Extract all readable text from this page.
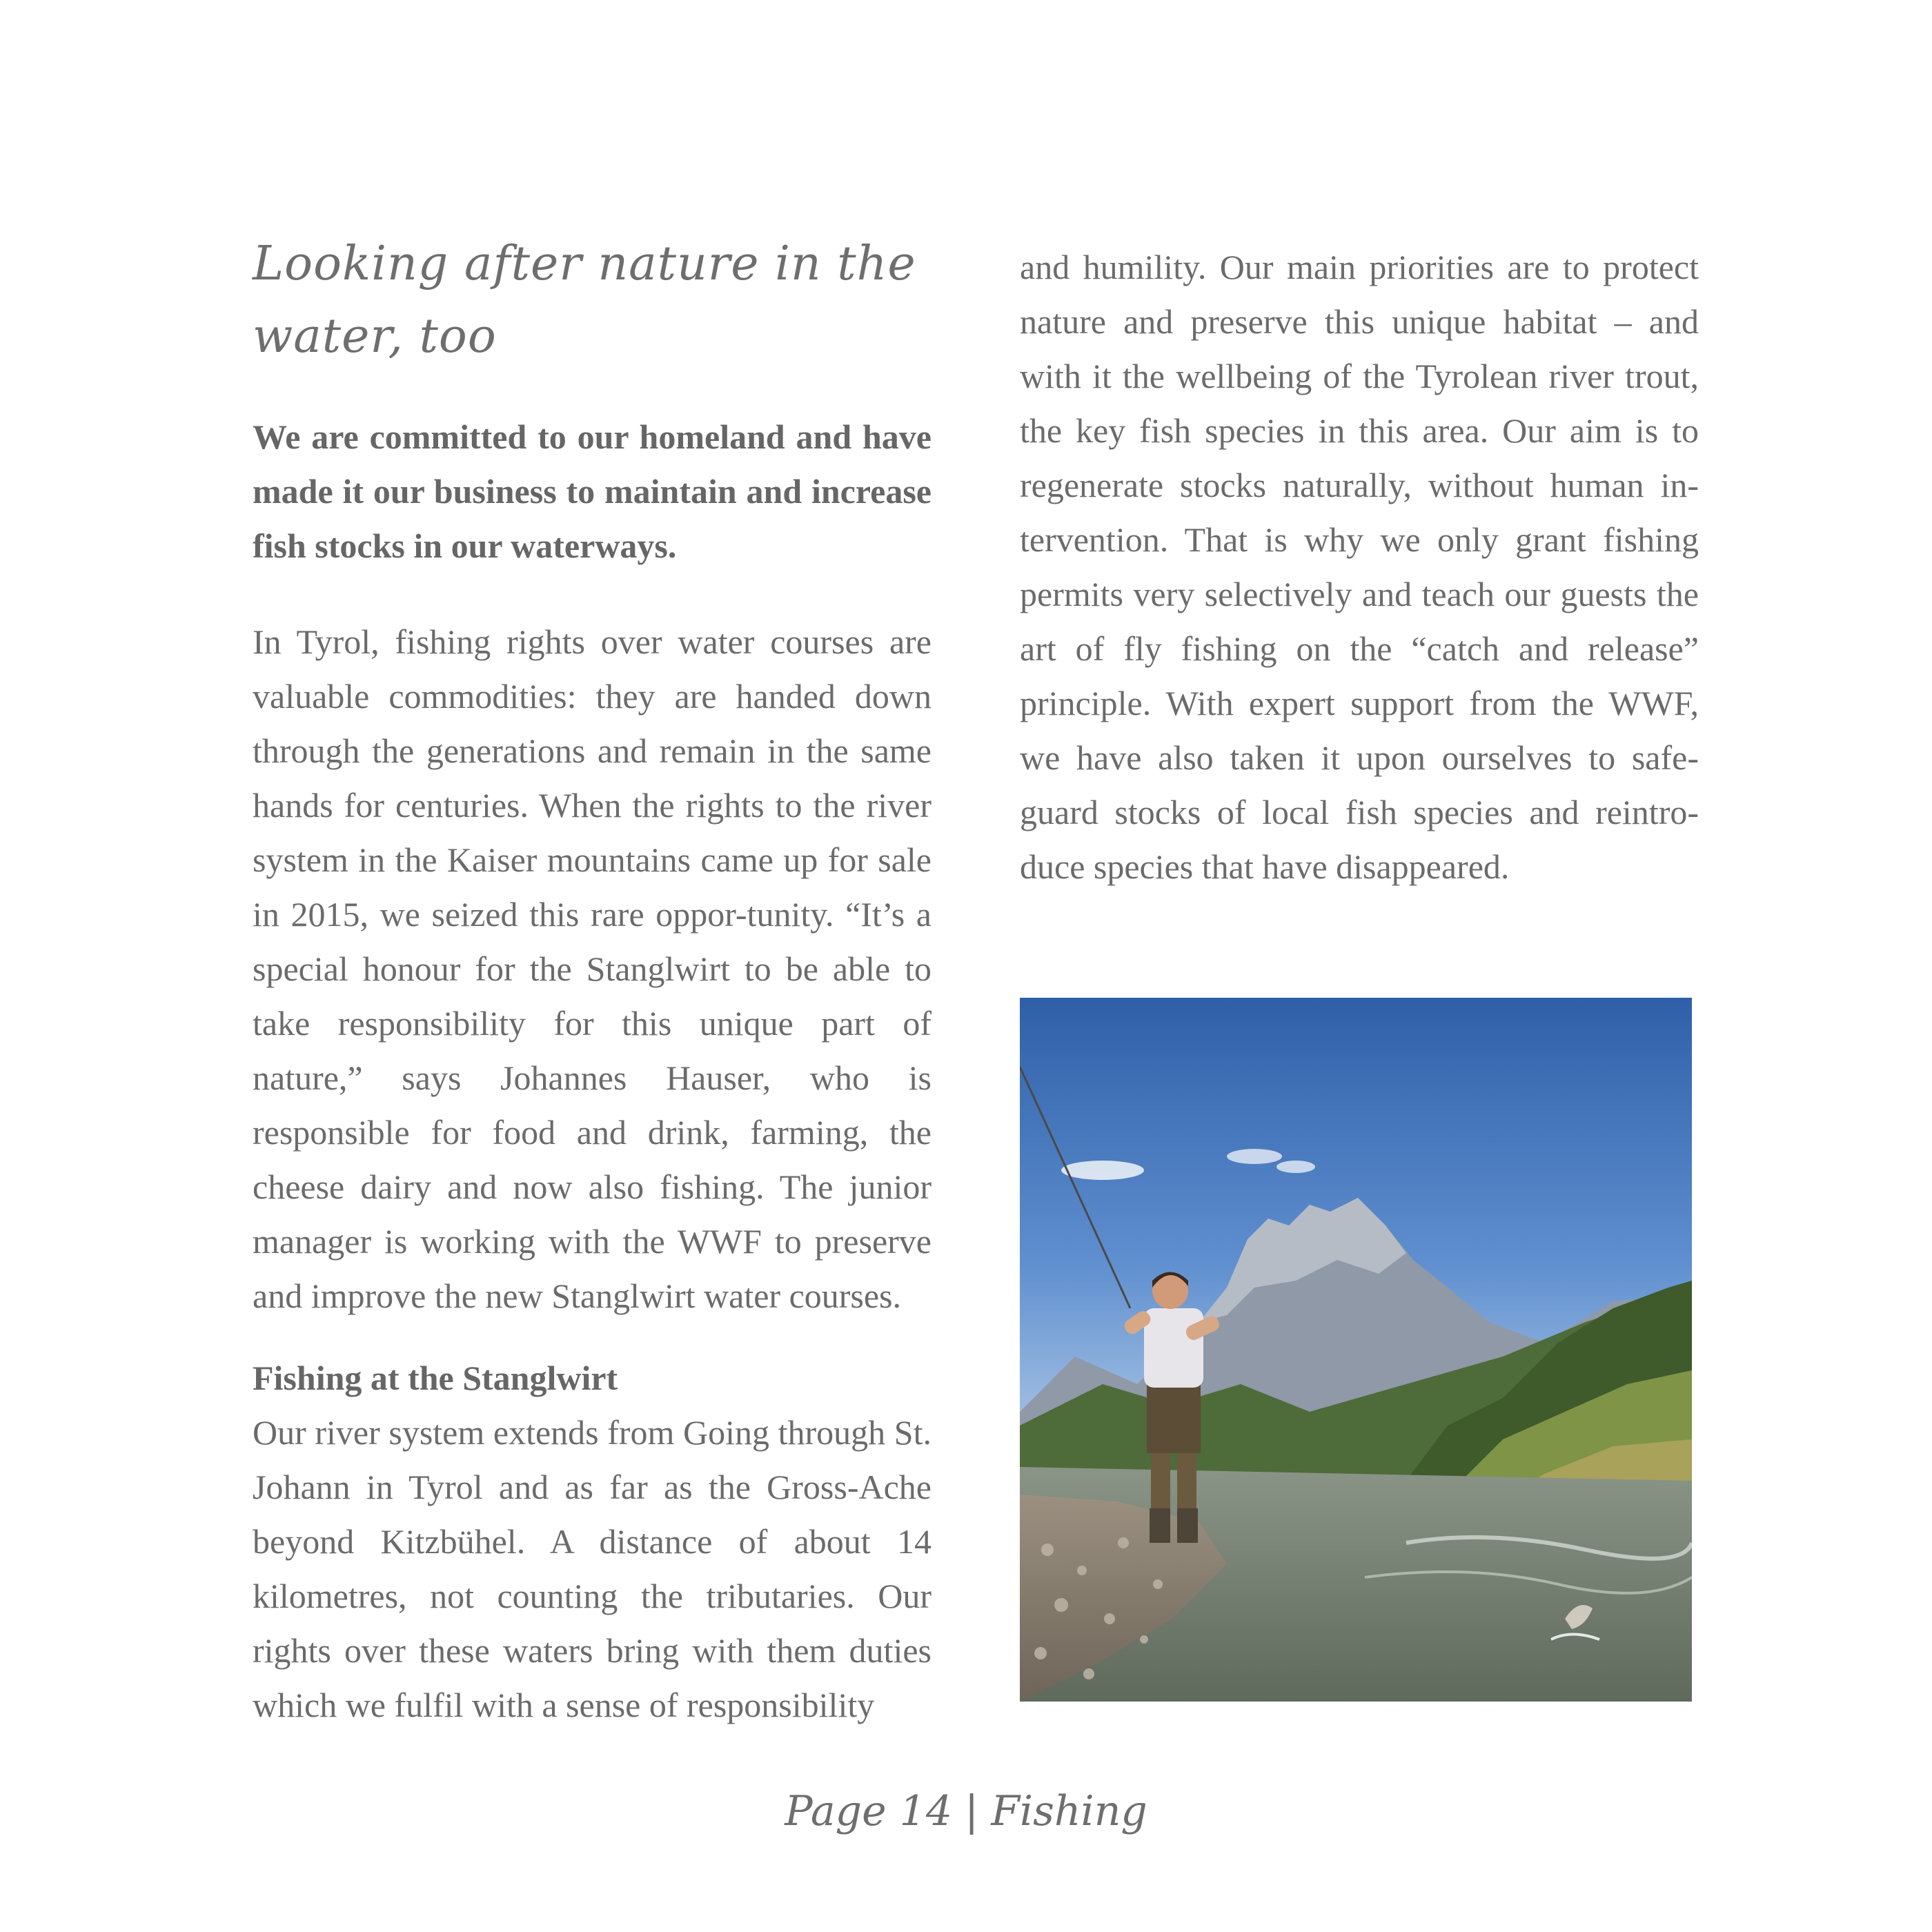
Looking after nature in the water, too

We are committed to our homeland and have made it our business to maintain and increase fish stocks in our waterways.

In Tyrol, fishing rights over water courses are valuable commodities: they are handed down through the generations and remain in the same hands for centuries. When the rights to the river system in the Kaiser mountains came up for sale in 2015, we seized this rare oppor-tunity. “It’s a special honour for the Stanglwirt to be able to take responsibility for this unique part of nature,” says Johannes Hauser, who is responsible for food and drink, farming, the cheese dairy and now also fishing. The junior manager is working with the WWF to preserve and improve the new Stanglwirt water courses.

Fishing at the Stanglwirt

Our river system extends from Going through St. Johann in Tyrol and as far as the Gross-Ache beyond Kitzbühel. A distance of about 14 kilometres, not counting the tributaries. Our rights over these waters bring with them duties which we fulfil with a sense of responsibility

and humility. Our main priorities are to protect nature and preserve this unique habitat – and with it the wellbeing of the Tyrolean river trout, the key fish species in this area. Our aim is to regenerate stocks naturally, without human in-tervention. That is why we only grant fishing permits very selectively and teach our guests the art of fly fishing on the “catch and release” principle. With expert support from the WWF, we have also taken it upon ourselves to safe-guard stocks of local fish species and reintro-duce species that have disappeared.

Page 14 | Fishing
